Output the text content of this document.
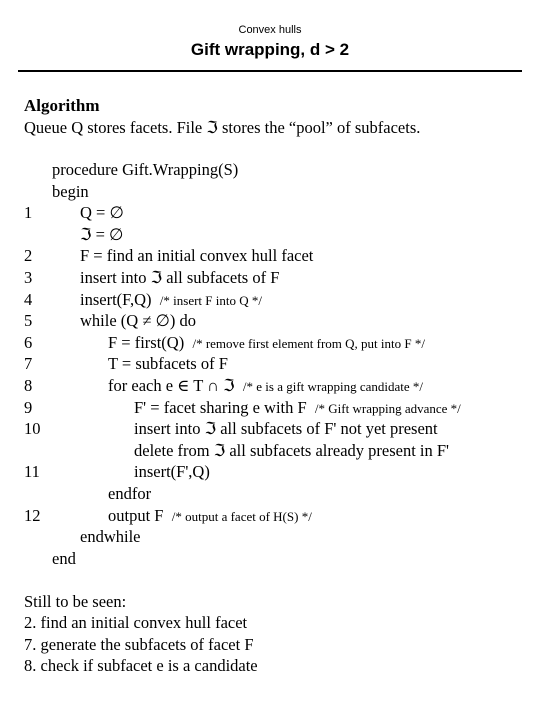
Convex hulls
Gift wrapping, d > 2
Algorithm
Queue Q stores facets. File ℑ stores the “pool” of subfacets.
procedure Gift.Wrapping(S)
begin
1	Q = ∅
ℑ = ∅
2	F = find an initial convex hull facet
3	insert into ℑ all subfacets of F
4	insert(F,Q) /* insert F into Q */
5	while (Q ≠ ∅) do
6	F = first(Q) /* remove first element from Q, put into F */
7	T = subfacets of F
8	for each e ∈ T ∩ ℑ /* e is a gift wrapping candidate */
9	F' = facet sharing e with F /* Gift wrapping advance */
10	insert into ℑ all subfacets of F' not yet present
delete from ℑ all subfacets already present in F'
11	insert(F',Q)
endfor
12	output F /* output a facet of H(S) */
endwhile
end
Still to be seen:
2. find an initial convex hull facet
7. generate the subfacets of facet F
8. check if subfacet e is a candidate
